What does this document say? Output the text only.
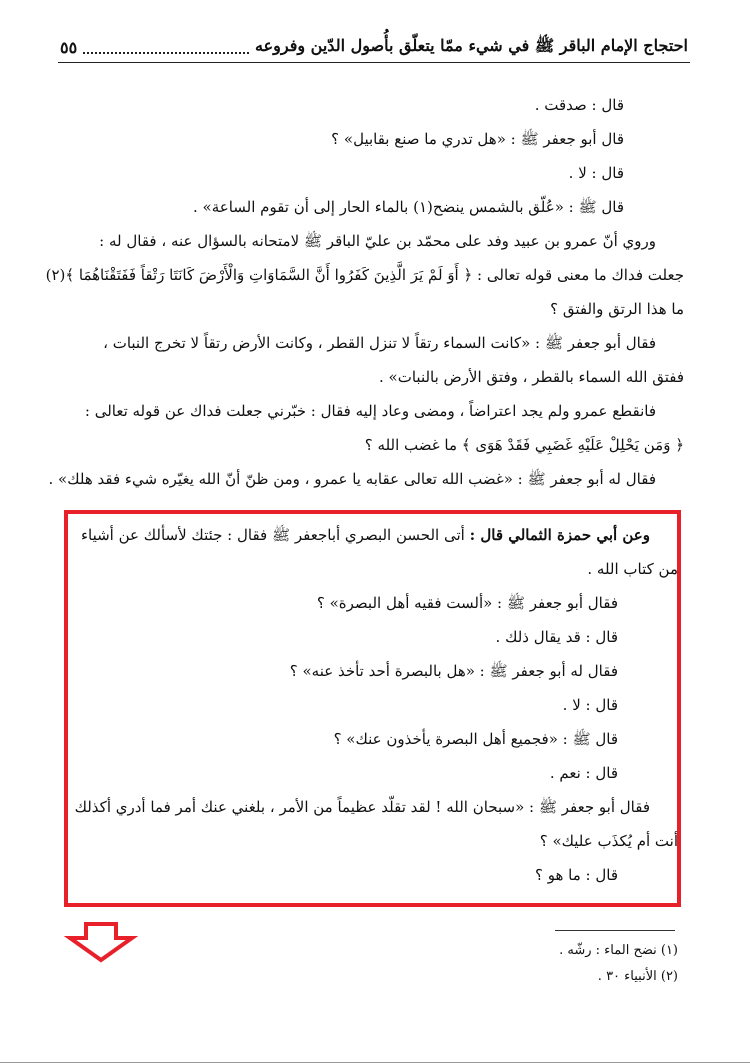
احتجاج الإمام الباقر ﷺ في شيء ممّا يتعلّق بأُصول الدّين وفروعه
٥٥
قال : صدقت .
قال أبو جعفر ﷺ : «هل تدري ما صنع بقابيل» ؟
قال : لا .
قال ﷺ : «عُلّق بالشمس ينضح(١) بالماء الحار إلى أن تقوم الساعة» .
وروي أنّ عمرو بن عبيد وفد على محمّد بن عليّ الباقر ﷺ لامتحانه بالسؤال عنه ، فقال له :
جعلت فداك ما معنى قوله تعالى : ﴿ أَوَ لَمْ يَرَ الَّذِينَ كَفَرُوا أَنَّ السَّمَاوَاتِ وَالْأَرْضَ كَانَتَا رَتْقاً فَفَتَقْنَاهُمَا ﴾(٢)
ما هذا الرتق والفتق ؟
فقال أبو جعفر ﷺ : «كانت السماء رتقاً لا تنزل القطر ، وكانت الأرض رتقاً لا تخرج النبات ،
ففتق الله السماء بالقطر ، وفتق الأرض بالنبات» .
فانقطع عمرو ولم يجد اعتراضاً ، ومضى وعاد إليه فقال : خبّرني جعلت فداك عن قوله تعالى :
﴿ وَمَن يَحْلِلْ عَلَيْهِ غَضَبِي فَقَدْ هَوَى ﴾ ما غضب الله ؟
فقال له أبو جعفر ﷺ : «غضب الله تعالى عقابه يا عمرو ، ومن ظنّ أنّ الله يغيّره شيء فقد هلك» .
وعن أبي حمزة الثمالي قال : أتى الحسن البصري أباجعفر ﷺ فقال : جئتك لأسألك عن أشياء
من كتاب الله .
فقال أبو جعفر ﷺ : «ألست فقيه أهل البصرة» ؟
قال : قد يقال ذلك .
فقال له أبو جعفر ﷺ : «هل بالبصرة أحد تأخذ عنه» ؟
قال : لا .
قال ﷺ : «فجميع أهل البصرة يأخذون عنك» ؟
قال : نعم .
فقال أبو جعفر ﷺ : «سبحان الله ! لقد تقلّد عظيماً من الأمر ، بلغني عنك أمر فما أدري أكذلك
أنت أم يُكذَب عليك» ؟
قال : ما هو ؟
(١) نضح الماء : رشّه .
(٢) الأنبياء ٣٠ .
